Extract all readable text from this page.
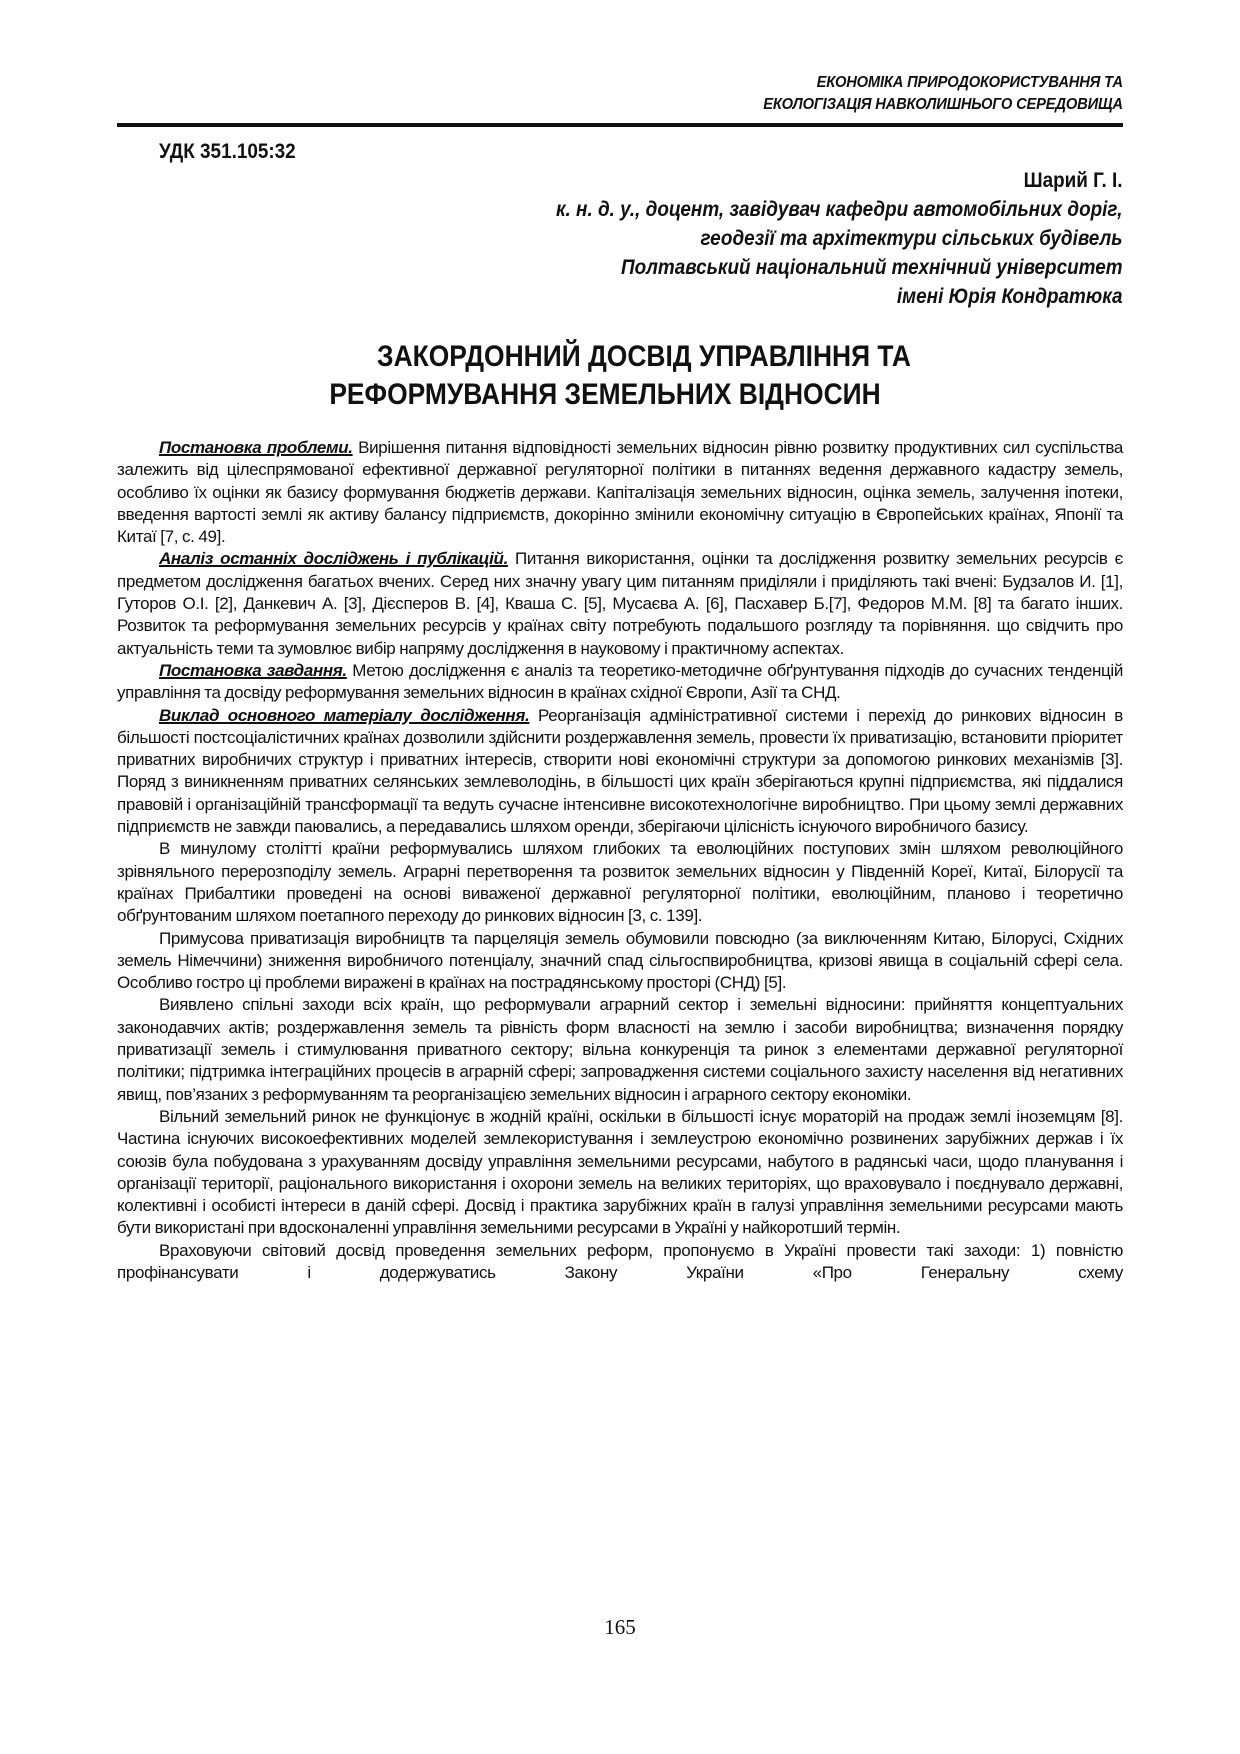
ЕКОНОМІКА ПРИРОДОКОРИСТУВАННЯ ТА
ЕКОЛОГІЗАЦІЯ НАВКОЛИШНЬОГО СЕРЕДОВИЩА
УДК 351.105:32
Шарий Г. І.
к. н. д. у., доцент, завідувач кафедри автомобільних доріг,
геодезії та архітектури сільських будівель
Полтавський національний технічний університет
імені Юрія Кондратюка
ЗАКОРДОННИЙ ДОСВІД УПРАВЛІННЯ ТА
РЕФОРМУВАННЯ ЗЕМЕЛЬНИХ ВІДНОСИН

Постановка проблеми. Вирішення питання відповідності земельних відносин рівню розвитку продуктивних сил суспільства залежить від цілеспрямованої ефективної державної регуляторної політики в питаннях ведення державного кадастру земель, особливо їх оцінки як базису формування бюджетів держави. Капіталізація земельних відносин, оцінка земель, залучення іпотеки, введення вартості землі як активу балансу підприємств, докорінно змінили економічну ситуацію в Європейських країнах, Японії та Китаї [7, с. 49].

Аналіз останніх досліджень і публікацій. Питання використання, оцінки та дослідження розвитку земельних ресурсів є предметом дослідження багатьох вчених. Серед них значну увагу цим питанням приділяли і приділяють такі вчені: Будзалов И. [1], Гуторов О.І. [2], Данкевич А. [3], Дієсперов В. [4], Кваша С. [5], Мусаєва А. [6], Пасхавер Б.[7], Федоров М.М. [8] та багато інших. Розвиток та реформування земельних ресурсів у країнах світу потребують подальшого розгляду та порівняння. що свідчить про актуальність теми та зумовлює вибір напряму дослідження в науковому і практичному аспектах.

Постановка завдання. Метою дослідження є аналіз та теоретико-методичне обґрунтування підходів до сучасних тенденцій управління та досвіду реформування земельних відносин в країнах східної Європи, Азії та СНД.

Виклад основного матеріалу дослідження. Реорганізація адміністративної системи і перехід до ринкових відносин в більшості постсоціалістичних країнах дозволили здійснити роздержавлення земель, провести їх приватизацію, встановити пріоритет приватних виробничих структур і приватних інтересів, створити нові економічні структури за допомогою ринкових механізмів [3]. Поряд з виникненням приватних селянських землеволодінь, в більшості цих країн зберігаються крупні підприємства, які піддалися правовій і організаційній трансформації та ведуть сучасне інтенсивне високотехнологічне виробництво. При цьому землі державних підприємств не завжди паювались, а передавались шляхом оренди, зберігаючи цілісність існуючого виробничого базису.

В минулому столітті країни реформувались шляхом глибоких та еволюційних поступових змін шляхом революційного зрівняльного перерозподілу земель. Аграрні перетворення та розвиток земельних відносин у Південній Кореї, Китаї, Білорусії та країнах Прибалтики проведені на основі виваженої державної регуляторної політики, еволюційним, планово і теоретично обґрунтованим шляхом поетапного переходу до ринкових відносин [3, с. 139].

Примусова приватизація виробництв та парцеляція земель обумовили повсюдно (за виключенням Китаю, Білорусі, Східних земель Німеччини) зниження виробничого потенціалу, значний спад сільгоспвиробництва, кризові явища в соціальній сфері села. Особливо гостро ці проблеми виражені в країнах на пострадянському просторі (СНД) [5].

Виявлено спільні заходи всіх країн, що реформували аграрний сектор і земельні відносини: прийняття концептуальних законодавчих актів; роздержавлення земель та рівність форм власності на землю і засоби виробництва; визначення порядку приватизації земель і стимулювання приватного сектору; вільна конкуренція та ринок з елементами державної регуляторної політики; підтримка інтеграційних процесів в аграрній сфері; запровадження системи соціального захисту населення від негативних явищ, пов’язаних з реформуванням та реорганізацією земельних відносин і аграрного сектору економіки.

Вільний земельний ринок не функціонує в жодній країні, оскільки в більшості існує мораторій на продаж землі іноземцям [8]. Частина існуючих високоефективних моделей землекористування і землеустрою економічно розвинених зарубіжних держав і їх союзів була побудована з урахуванням досвіду управління земельними ресурсами, набутого в радянські часи, щодо планування і організації території, раціонального використання і охорони земель на великих територіях, що враховувало і поєднувало державні, колективні і особисті інтереси в даній сфері. Досвід і практика зарубіжних країн в галузі управління земельними ресурсами мають бути використані при вдосконаленні управління земельними ресурсами в Україні у найкоротший термін.

Враховуючи світовий досвід проведення земельних реформ, пропонуємо в Україні провести такі заходи: 1) повністю профінансувати і додержуватись Закону України «Про Генеральну схему

165
